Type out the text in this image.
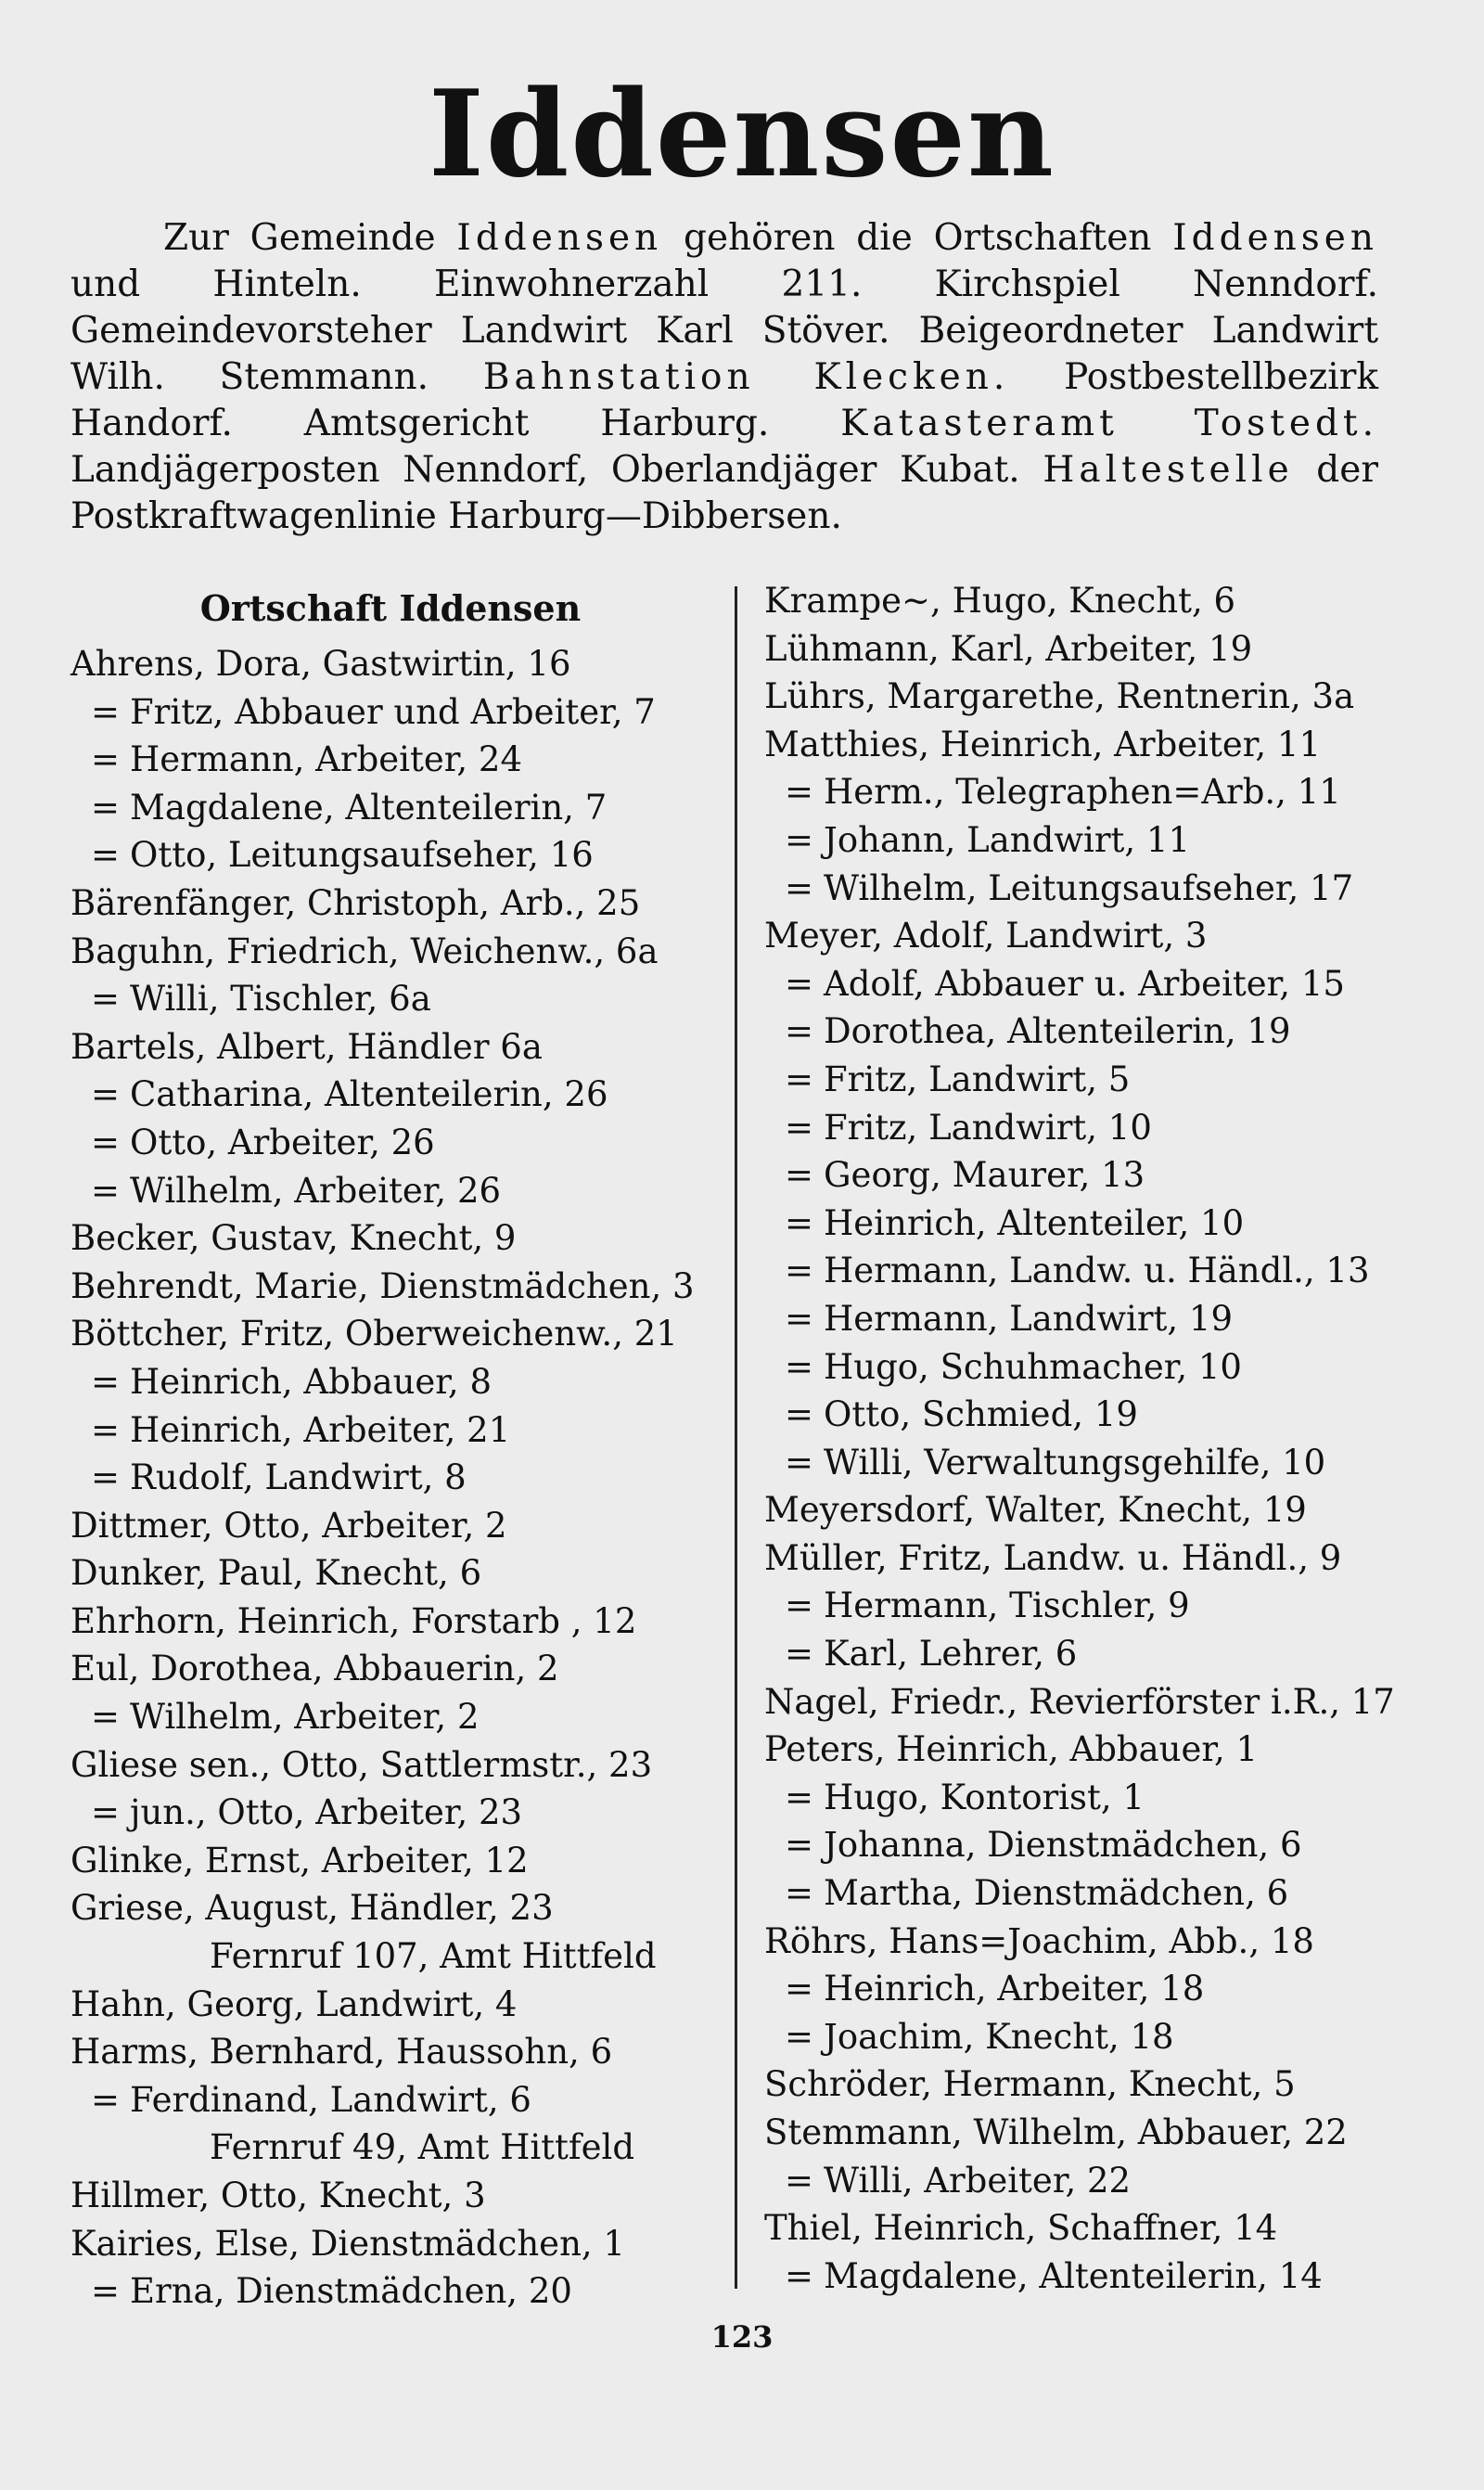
Iddensen
Zur Gemeinde Iddensen gehören die Ortschaften Iddensen und Hinteln. Einwohnerzahl 211. Kirchspiel Nenndorf. Gemeindevorsteher Landwirt Karl Stöver. Beigeordneter Landwirt Wilh. Stemmann. Bahnstation Klecken. Postbestellbezirk Handorf. Amtsgericht Harburg. Katasteramt Tostedt. Landjägerposten Nenndorf, Oberlandjäger Kubat. Haltestelle der Postkraftwagenlinie Harburg—Dibbersen.
Ortschaft Iddensen
Ahrens, Dora, Gastwirtin, 16
= Fritz, Abbauer und Arbeiter, 7
= Hermann, Arbeiter, 24
= Magdalene, Altenteilerin, 7
= Otto, Leitungsaufseher, 16
Bärenfänger, Christoph, Arb., 25
Baguhn, Friedrich, Weichenw., 6a
= Willi, Tischler, 6a
Bartels, Albert, Händler 6a
= Catharina, Altenteilerin, 26
= Otto, Arbeiter, 26
= Wilhelm, Arbeiter, 26
Becker, Gustav, Knecht, 9
Behrendt, Marie, Dienstmädchen, 3
Böttcher, Fritz, Oberweichenw., 21
= Heinrich, Abbauer, 8
= Heinrich, Arbeiter, 21
= Rudolf, Landwirt, 8
Dittmer, Otto, Arbeiter, 2
Dunker, Paul, Knecht, 6
Ehrhorn, Heinrich, Forstarb , 12
Eul, Dorothea, Abbauerin, 2
= Wilhelm, Arbeiter, 2
Gliese sen., Otto, Sattlermstr., 23
= jun., Otto, Arbeiter, 23
Glinke, Ernst, Arbeiter, 12
Griese, August, Händler, 23
Fernruf 107, Amt Hittfeld
Hahn, Georg, Landwirt, 4
Harms, Bernhard, Haussohn, 6
= Ferdinand, Landwirt, 6
Fernruf 49, Amt Hittfeld
Hillmer, Otto, Knecht, 3
Kairies, Else, Dienstmädchen, 1
= Erna, Dienstmädchen, 20
Krampe~, Hugo, Knecht, 6
Lühmann, Karl, Arbeiter, 19
Lührs, Margarethe, Rentnerin, 3a
Matthies, Heinrich, Arbeiter, 11
= Herm., Telegraphen=Arb., 11
= Johann, Landwirt, 11
= Wilhelm, Leitungsaufseher, 17
Meyer, Adolf, Landwirt, 3
= Adolf, Abbauer u. Arbeiter, 15
= Dorothea, Altenteilerin, 19
= Fritz, Landwirt, 5
= Fritz, Landwirt, 10
= Georg, Maurer, 13
= Heinrich, Altenteiler, 10
= Hermann, Landw. u. Händl., 13
= Hermann, Landwirt, 19
= Hugo, Schuhmacher, 10
= Otto, Schmied, 19
= Willi, Verwaltungsgehilfe, 10
Meyersdorf, Walter, Knecht, 19
Müller, Fritz, Landw. u. Händl., 9
= Hermann, Tischler, 9
= Karl, Lehrer, 6
Nagel, Friedr., Revierförster i.R., 17
Peters, Heinrich, Abbauer, 1
= Hugo, Kontorist, 1
= Johanna, Dienstmädchen, 6
= Martha, Dienstmädchen, 6
Röhrs, Hans=Joachim, Abb., 18
= Heinrich, Arbeiter, 18
= Joachim, Knecht, 18
Schröder, Hermann, Knecht, 5
Stemmann, Wilhelm, Abbauer, 22
= Willi, Arbeiter, 22
Thiel, Heinrich, Schaffner, 14
= Magdalene, Altenteilerin, 14
123
